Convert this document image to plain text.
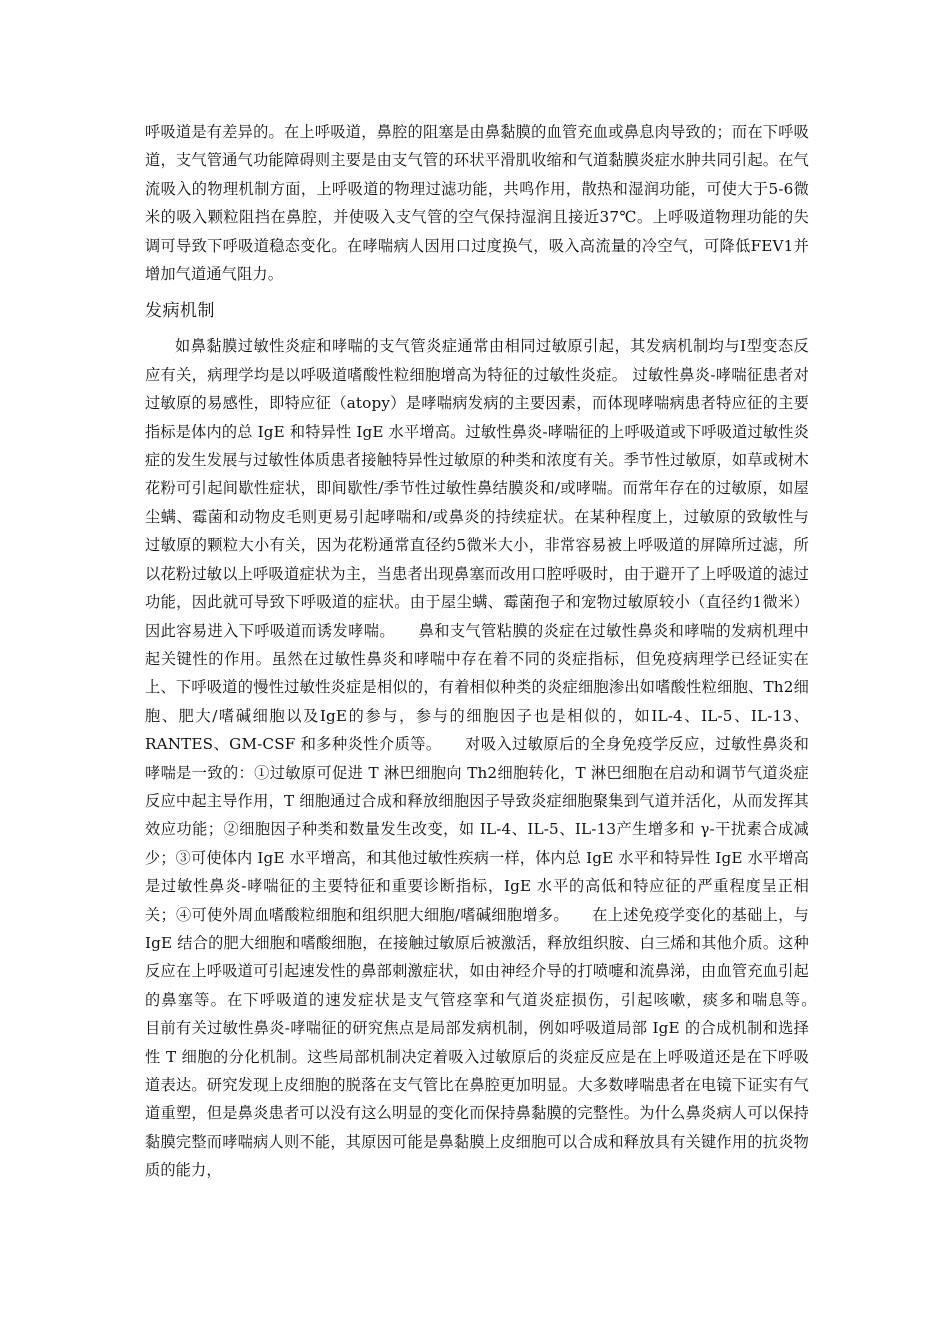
呼吸道是有差异的。在上呼吸道，鼻腔的阻塞是由鼻黏膜的血管充血或鼻息肉导致的；而在下呼吸道，支气管通气功能障碍则主要是由支气管的环状平滑肌收缩和气道黏膜炎症水肿共同引起。在气流吸入的物理机制方面，上呼吸道的物理过滤功能，共鸣作用，散热和湿润功能，可使大于5-6微米的吸入颗粒阻挡在鼻腔，并使吸入支气管的空气保持湿润且接近37℃。上呼吸道物理功能的失调可导致下呼吸道稳态变化。在哮喘病人因用口过度换气，吸入高流量的冷空气，可降低FEV1并增加气道通气阻力。

发病机制

如鼻黏膜过敏性炎症和哮喘的支气管炎症通常由相同过敏原引起，其发病机制均与Ⅰ型变态反应有关，病理学均是以呼吸道嗜酸性粒细胞增高为特征的过敏性炎症。 过敏性鼻炎-哮喘征患者对过敏原的易感性，即特应征（atopy）是哮喘病发病的主要因素，而体现哮喘病患者特应征的主要指标是体内的总 IgE 和特异性 IgE 水平增高。过敏性鼻炎-哮喘征的上呼吸道或下呼吸道过敏性炎症的发生发展与过敏性体质患者接触特异性过敏原的种类和浓度有关。季节性过敏原，如草或树木花粉可引起间歇性症状，即间歇性/季节性过敏性鼻结膜炎和/或哮喘。而常年存在的过敏原，如屋尘螨、霉菌和动物皮毛则更易引起哮喘和/或鼻炎的持续症状。在某种程度上，过敏原的致敏性与过敏原的颗粒大小有关，因为花粉通常直径约5微米大小，非常容易被上呼吸道的屏障所过滤，所以花粉过敏以上呼吸道症状为主，当患者出现鼻塞而改用口腔呼吸时，由于避开了上呼吸道的滤过功能，因此就可导致下呼吸道的症状。由于屋尘螨、霉菌孢子和宠物过敏原较小（直径约1微米）因此容易进入下呼吸道而诱发哮喘。　　鼻和支气管粘膜的炎症在过敏性鼻炎和哮喘的发病机理中起关键性的作用。虽然在过敏性鼻炎和哮喘中存在着不同的炎症指标，但免疫病理学已经证实在上、下呼吸道的慢性过敏性炎症是相似的，有着相似种类的炎症细胞渗出如嗜酸性粒细胞、Th2细胞、肥大/嗜碱细胞以及IgE的参与，参与的细胞因子也是相似的，如IL-4、IL-5、IL-13、RANTES、GM-CSF 和多种炎性介质等。　　对吸入过敏原后的全身免疫学反应，过敏性鼻炎和哮喘是一致的：①过敏原可促进 T 淋巴细胞向 Th2细胞转化，T 淋巴细胞在启动和调节气道炎症反应中起主导作用，T 细胞通过合成和释放细胞因子导致炎症细胞聚集到气道并活化，从而发挥其效应功能；②细胞因子种类和数量发生改变，如 IL-4、IL-5、IL-13产生增多和 γ-干扰素合成减少；③可使体内 IgE 水平增高，和其他过敏性疾病一样，体内总 IgE 水平和特异性 IgE 水平增高是过敏性鼻炎-哮喘征的主要特征和重要诊断指标，IgE 水平的高低和特应征的严重程度呈正相关；④可使外周血嗜酸粒细胞和组织肥大细胞/嗜碱细胞增多。　　在上述免疫学变化的基础上，与 IgE 结合的肥大细胞和嗜酸细胞，在接触过敏原后被激活，释放组织胺、白三烯和其他介质。这种反应在上呼吸道可引起速发性的鼻部刺激症状，如由神经介导的打喷嚏和流鼻涕，由血管充血引起的鼻塞等。在下呼吸道的速发症状是支气管痉挛和气道炎症损伤，引起咳嗽，痰多和喘息等。　　目前有关过敏性鼻炎-哮喘征的研究焦点是局部发病机制，例如呼吸道局部 IgE 的合成机制和选择性 T 细胞的分化机制。这些局部机制决定着吸入过敏原后的炎症反应是在上呼吸道还是在下呼吸道表达。研究发现上皮细胞的脱落在支气管比在鼻腔更加明显。大多数哮喘患者在电镜下证实有气道重塑，但是鼻炎患者可以没有这么明显的变化而保持鼻黏膜的完整性。为什么鼻炎病人可以保持黏膜完整而哮喘病人则不能，其原因可能是鼻黏膜上皮细胞可以合成和释放具有关键作用的抗炎物质的能力，
